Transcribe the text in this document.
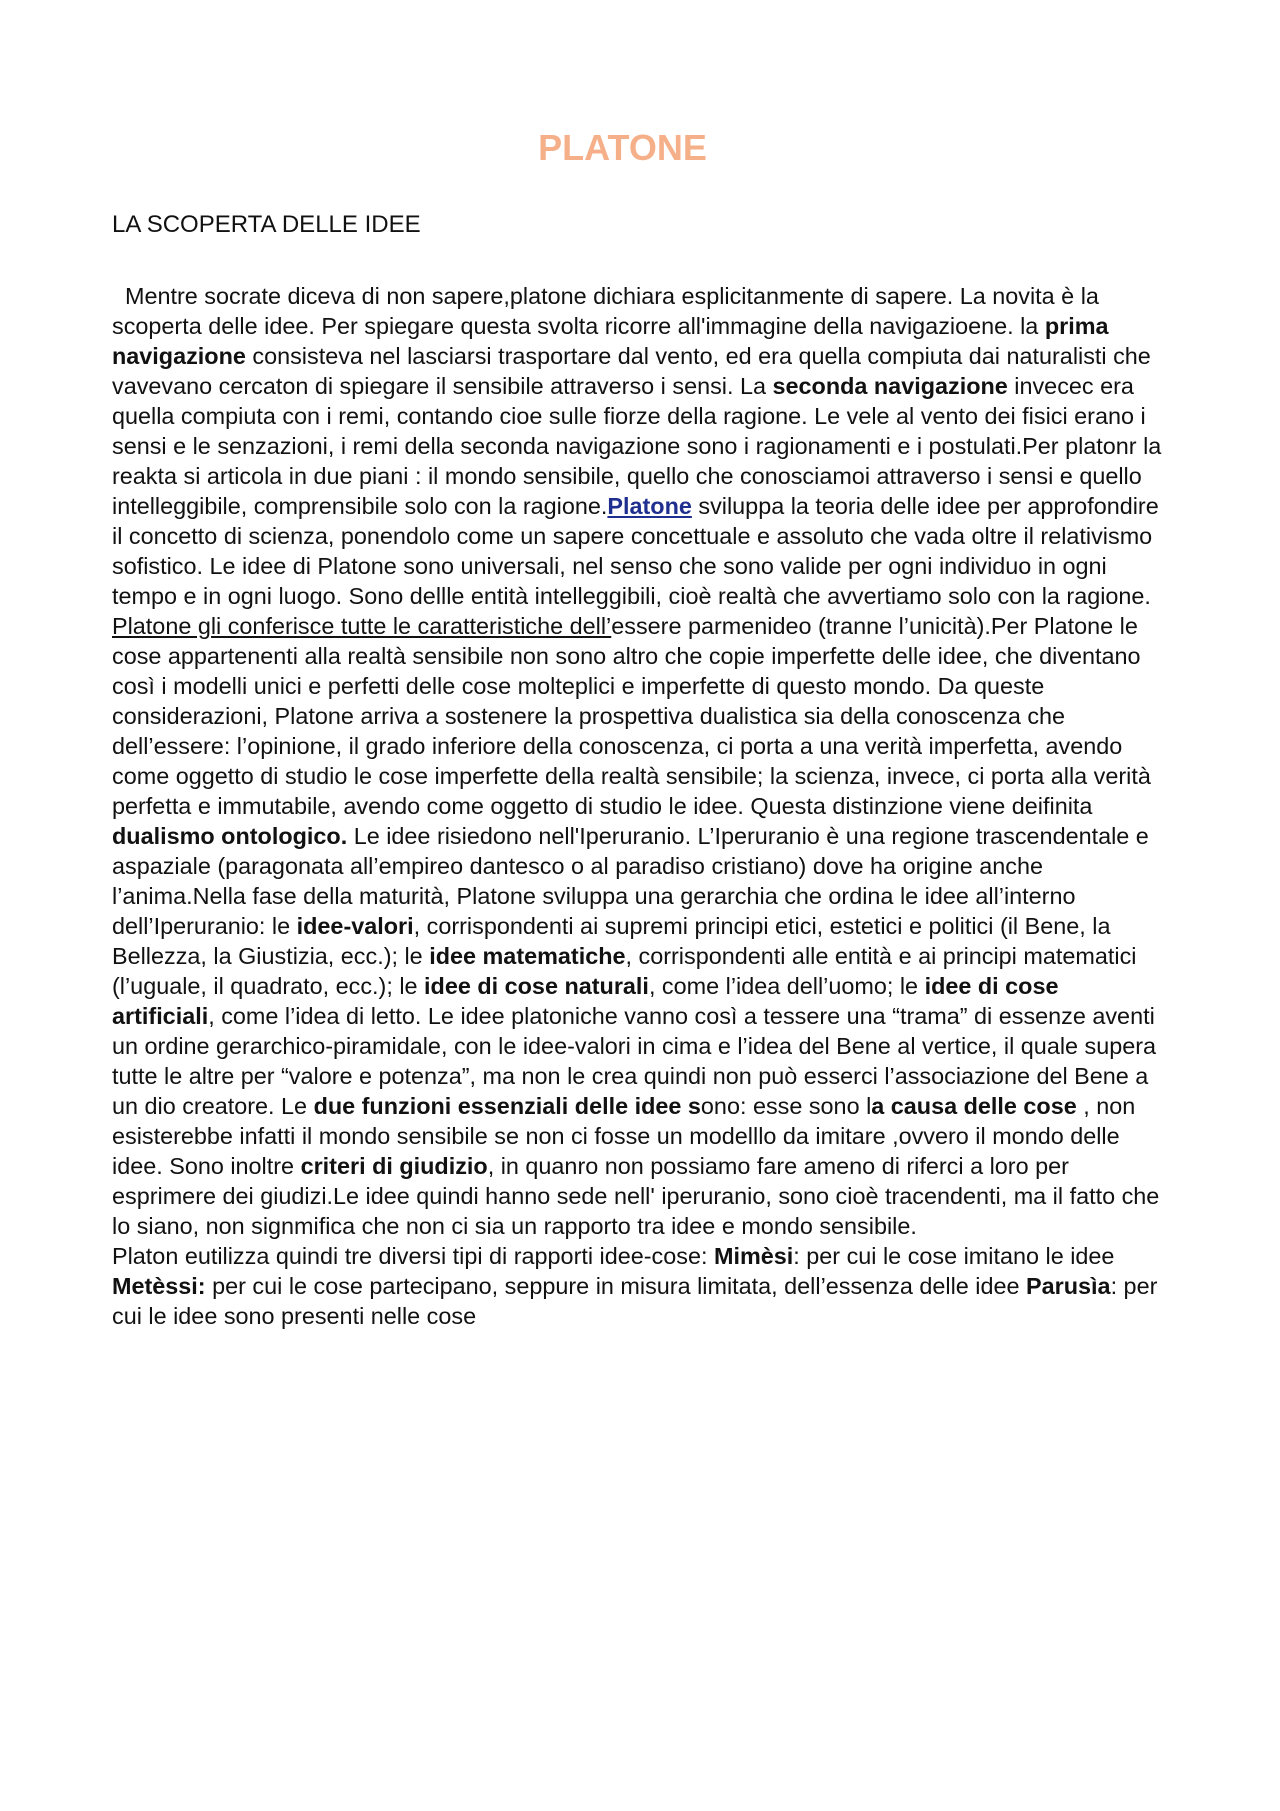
PLATONE
LA SCOPERTA DELLE IDEE

Mentre socrate diceva di non sapere,platone dichiara esplicitanmente di sapere. La novita è la scoperta delle idee. Per spiegare questa svolta ricorre all'immagine della navigazioene. la prima navigazione consisteva nel lasciarsi trasportare dal vento, ed era quella compiuta dai naturalisti che vavevano cercaton di spiegare il sensibile attraverso i sensi. La seconda navigazione invecec era quella compiuta con i remi, contando cioe sulle fiorze della ragione. Le vele al vento dei fisici erano i sensi e le senzazioni, i remi della seconda navigazione sono i ragionamenti e i postulati.Per platonr la reakta si articola in due piani : il mondo sensibile, quello che conosciamoi attraverso i sensi e quello intelleggibile, comprensibile solo con la ragione.Platone sviluppa la teoria delle idee per approfondire il concetto di scienza, ponendolo come un sapere concettuale e assoluto che vada oltre il relativismo sofistico. Le idee di Platone sono universali, nel senso che sono valide per ogni individuo in ogni tempo e in ogni luogo. Sono dellle entità intelleggibili, cioè realtà che avvertiamo solo con la ragione. Platone gli conferisce tutte le caratteristiche dell’essere parmenideo (tranne l’unicità).Per Platone le cose appartenenti alla realtà sensibile non sono altro che copie imperfette delle idee, che diventano così i modelli unici e perfetti delle cose molteplici e imperfette di questo mondo. Da queste considerazioni, Platone arriva a sostenere la prospettiva dualistica sia della conoscenza che dell’essere: l’opinione, il grado inferiore della conoscenza, ci porta a una verità imperfetta, avendo come oggetto di studio le cose imperfette della realtà sensibile; la scienza, invece, ci porta alla verità perfetta e immutabile, avendo come oggetto di studio le idee. Questa distinzione viene deifinita dualismo ontologico. Le idee risiedono nell'Iperuranio. L’Iperuranio è una regione trascendentale e aspaziale (paragonata all’empireo dantesco o al paradiso cristiano) dove ha origine anche l’anima.Nella fase della maturità, Platone sviluppa una gerarchia che ordina le idee all’interno dell’Iperuranio: le idee-valori, corrispondenti ai supremi principi etici, estetici e politici (il Bene, la Bellezza, la Giustizia, ecc.); le idee matematiche, corrispondenti alle entità e ai principi matematici (l’uguale, il quadrato, ecc.); le idee di cose naturali, come l’idea dell’uomo; le idee di cose artificiali, come l’idea di letto. Le idee platoniche vanno così a tessere una “trama” di essenze aventi un ordine gerarchico-piramidale, con le idee-valori in cima e l’idea del Bene al vertice, il quale supera tutte le altre per “valore e potenza”, ma non le crea quindi non può esserci l’associazione del Bene a un dio creatore. Le due funzioni essenziali delle idee sono: esse sono la causa delle cose , non esisterebbe infatti il mondo sensibile se non ci fosse un modelllo da imitare ,ovvero il mondo delle idee. Sono inoltre criteri di giudizio, in quanro non possiamo fare ameno di riferci a loro per esprimere dei giudizi.Le idee quindi hanno sede nell' iperuranio, sono cioè tracendenti, ma il fatto che lo siano, non signmifica che non ci sia un rapporto tra idee e mondo sensibile.

Platon eutilizza quindi tre diversi tipi di rapporti idee-cose: Mimèsi: per cui le cose imitano le idee Metèssi: per cui le cose partecipano, seppure in misura limitata, dell’essenza delle idee Parusìa: per cui le idee sono presenti nelle cose
